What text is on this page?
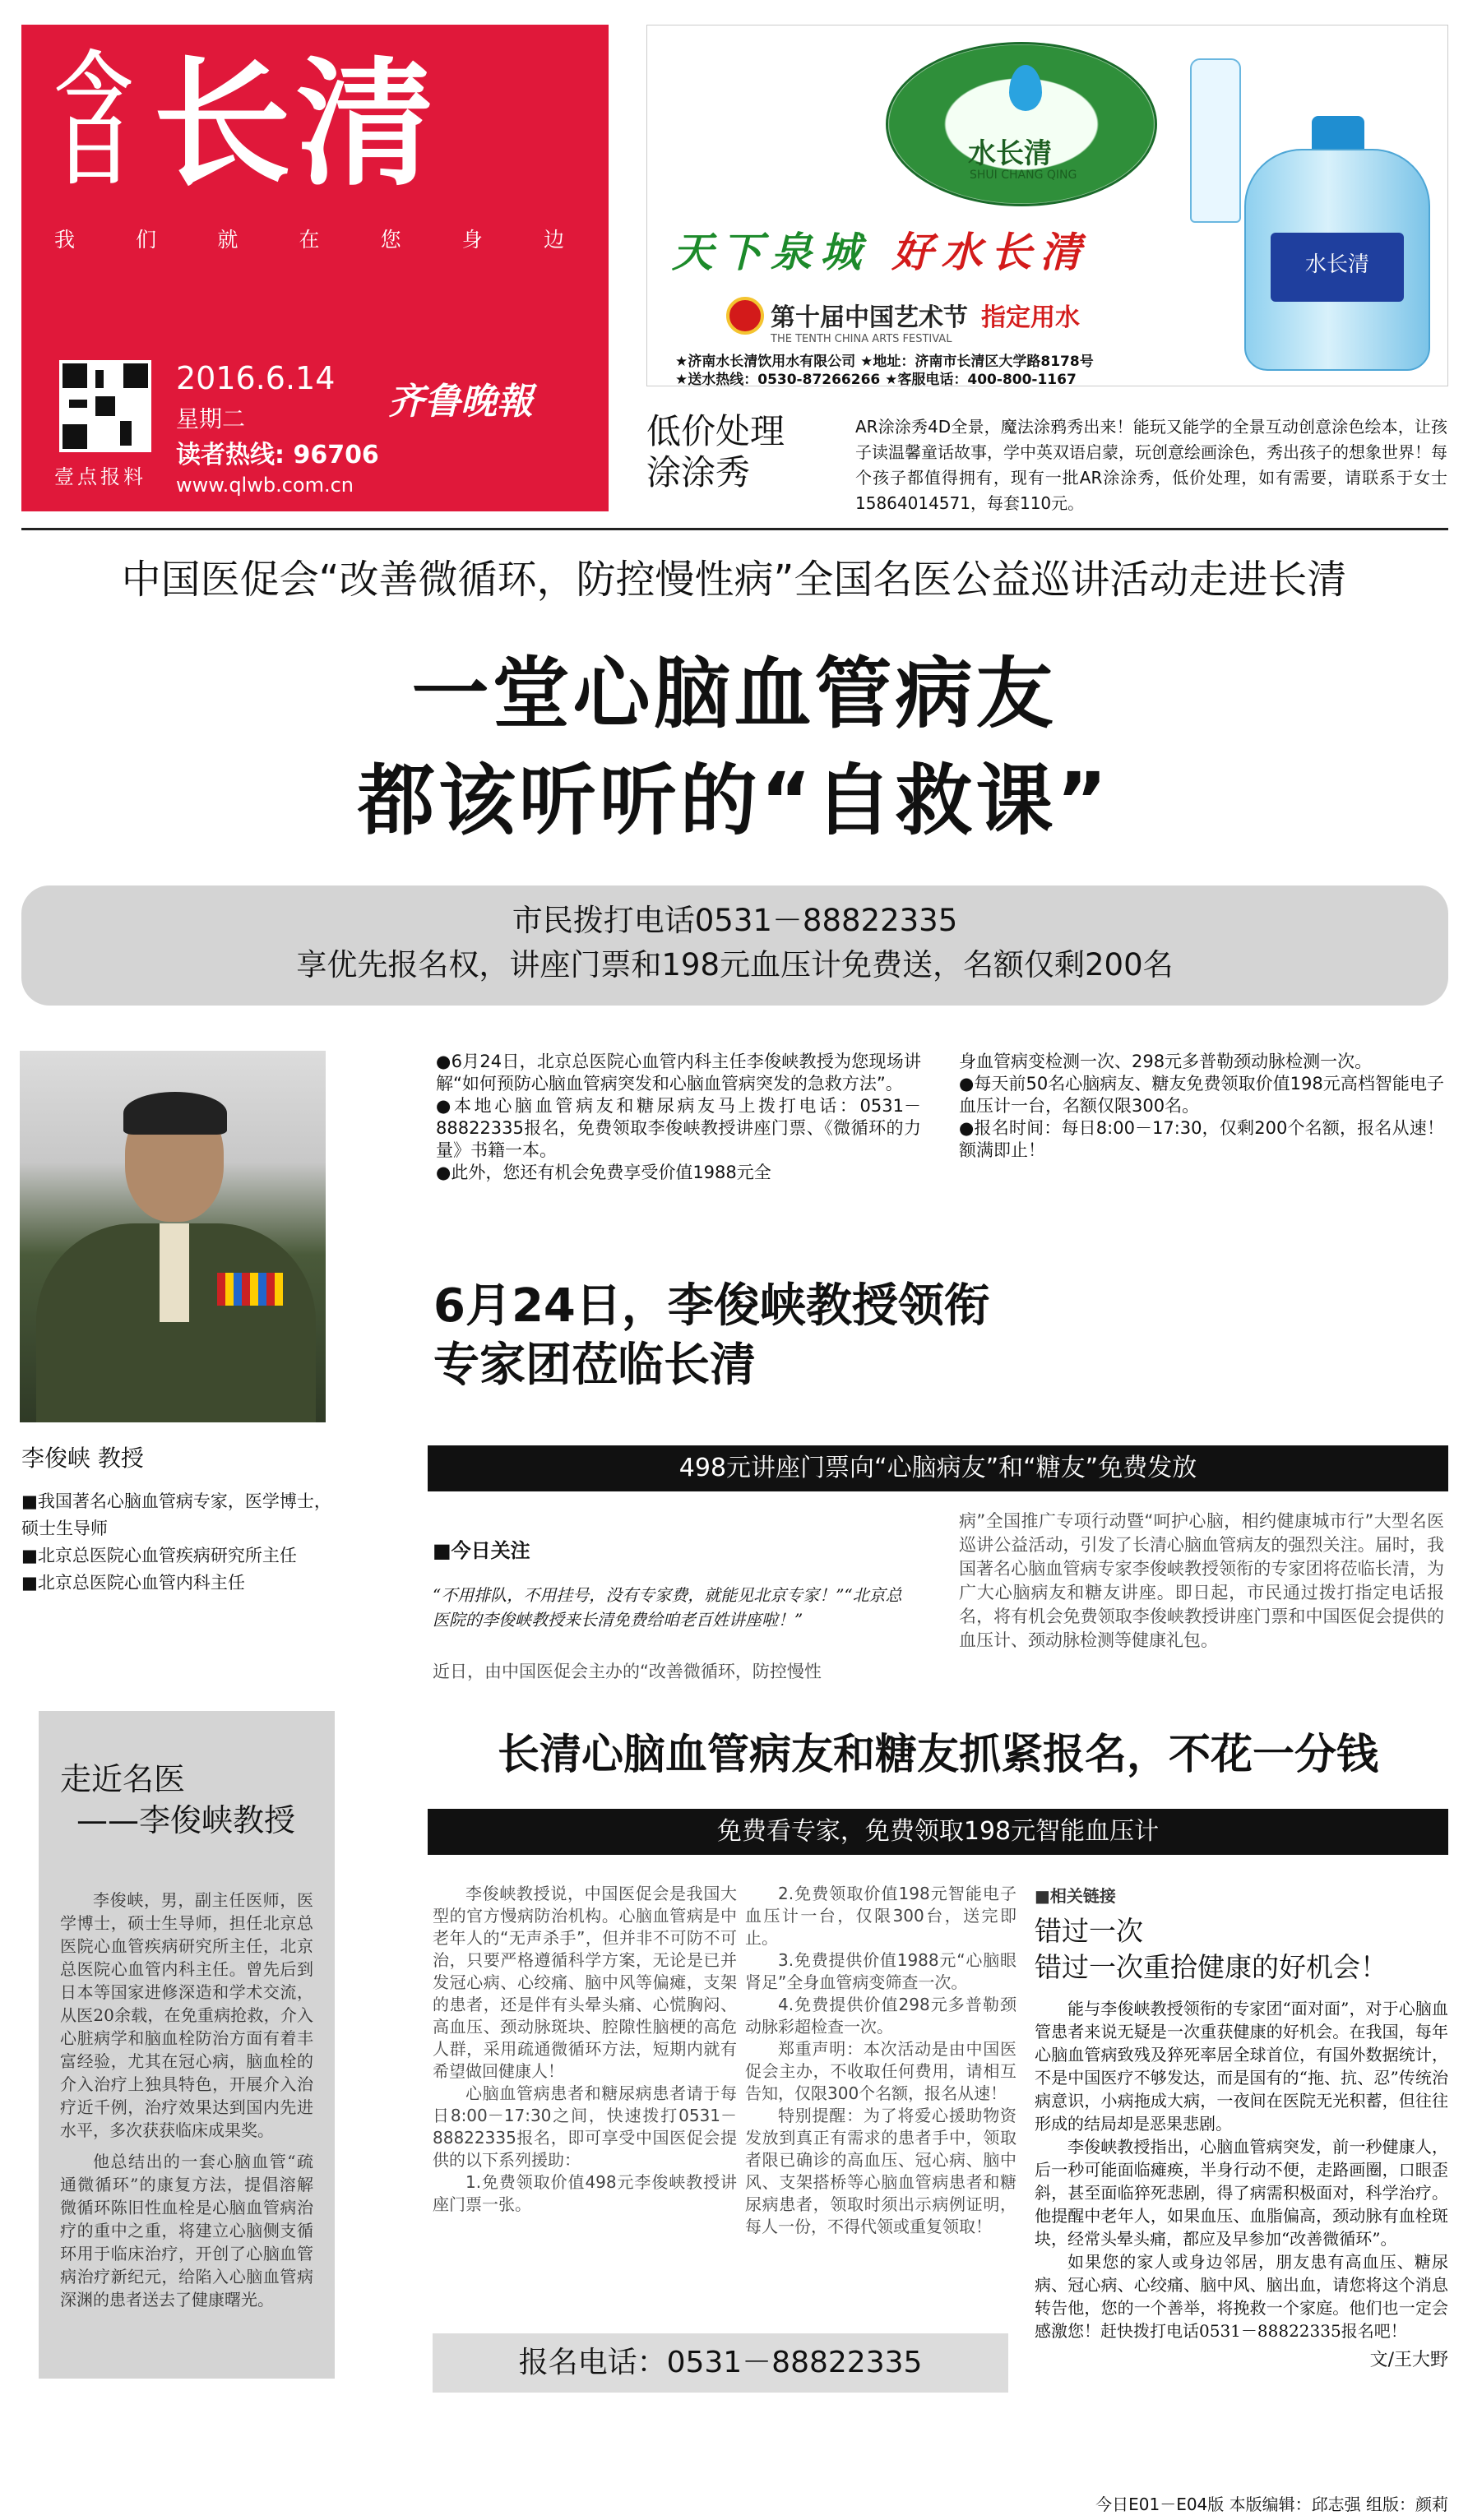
今日 长清
我	们	就	在	您	身	边
壹点报料
2016.6.14
星期二
读者热线: 96706
www.qlwb.com.cn
齐鲁晚報
水长清
SHUI CHANG QING
水长清
天下泉城 好水长清
第十届中国艺术节 指定用水
THE TENTH CHINA ARTS FESTIVAL
★济南水长清饮用水有限公司 ★地址：济南市长清区大学路8178号
★送水热线：0530-87266266 ★客服电话：400-800-1167
低价处理
涂涂秀
AR涂涂秀4D全景，魔法涂鸦秀出来！能玩又能学的全景互动创意涂色绘本，让孩子读温馨童话故事，学中英双语启蒙，玩创意绘画涂色，秀出孩子的想象世界！每个孩子都值得拥有，现有一批AR涂涂秀，低价处理，如有需要，请联系于女士15864014571，每套110元。
中国医促会“改善微循环，防控慢性病”全国名医公益巡讲活动走进长清
一堂心脑血管病友
都该听听的“自救课”
市民拨打电话0531－88822335
享优先报名权，讲座门票和198元血压计免费送，名额仅剩200名
李俊峡 教授
■我国著名心脑血管病专家，医学博士，硕士生导师
■北京总医院心血管疾病研究所主任
■北京总医院心血管内科主任
●6月24日，北京总医院心血管内科主任李俊峡教授为您现场讲解“如何预防心脑血管病突发和心脑血管病突发的急救方法”。
●本地心脑血管病友和糖尿病友马上拨打电话：0531－88822335报名，免费领取李俊峡教授讲座门票、《微循环的力量》书籍一本。
●此外，您还有机会免费享受价值1988元全
身血管病变检测一次、298元多普勒颈动脉检测一次。
●每天前50名心脑病友、糖友免费领取价值198元高档智能电子血压计一台，名额仅限300名。
●报名时间：每日8:00－17:30，仅剩200个名额，报名从速！额满即止！
6月24日，李俊峡教授领衔
专家团莅临长清
498元讲座门票向“心脑病友”和“糖友”免费发放
■今日关注
“不用排队，不用挂号，没有专家费，就能见北京专家！”“北京总医院的李俊峡教授来长清免费给咱老百姓讲座啦！”
近日，由中国医促会主办的“改善微循环，防控慢性
病”全国推广专项行动暨“呵护心脑，相约健康城市行”大型名医巡讲公益活动，引发了长清心脑血管病友的强烈关注。届时，我国著名心脑血管病专家李俊峡教授领衔的专家团将莅临长清，为广大心脑病友和糖友讲座。即日起，市民通过拨打指定电话报名，将有机会免费领取李俊峡教授讲座门票和中国医促会提供的血压计、颈动脉检测等健康礼包。
走近名医
——李俊峡教授
李俊峡，男，副主任医师，医学博士，硕士生导师，担任北京总医院心血管疾病研究所主任，北京总医院心血管内科主任。曾先后到日本等国家进修深造和学术交流，从医20余载，在免重病抢救，介入心脏病学和脑血栓防治方面有着丰富经验，尤其在冠心病，脑血栓的介入治疗上独具特色，开展介入治疗近千例，治疗效果达到国内先进水平，多次获获临床成果奖。
他总结出的一套心脑血管“疏通微循环”的康复方法，提倡溶解微循环陈旧性血栓是心脑血管病治疗的重中之重，将建立心脑侧支循环用于临床治疗，开创了心脑血管病治疗新纪元，给陷入心脑血管病深渊的患者送去了健康曙光。
长清心脑血管病友和糖友抓紧报名，不花一分钱
免费看专家，免费领取198元智能血压计
李俊峡教授说，中国医促会是我国大型的官方慢病防治机构。心脑血管病是中老年人的“无声杀手”，但并非不可防不可治，只要严格遵循科学方案，无论是已并发冠心病、心绞痛、脑中风等偏瘫，支架的患者，还是伴有头晕头痛、心慌胸闷、高血压、颈动脉斑块、腔隙性脑梗的高危人群，采用疏通微循环方法，短期内就有希望做回健康人！
心脑血管病患者和糖尿病患者请于每日8:00－17:30之间，快速拨打0531－88822335报名，即可享受中国医促会提供的以下系列援助：
1.免费领取价值498元李俊峡教授讲座门票一张。
2.免费领取价值198元智能电子血压计一台，仅限300台，送完即止。
3.免费提供价值1988元“心脑眼肾足”全身血管病变筛查一次。
4.免费提供价值298元多普勒颈动脉彩超检查一次。
郑重声明：本次活动是由中国医促会主办，不收取任何费用，请相互告知，仅限300个名额，报名从速！
特别提醒：为了将爱心援助物资发放到真正有需求的患者手中，领取者限已确诊的高血压、冠心病、脑中风、支架搭桥等心脑血管病患者和糖尿病患者，领取时须出示病例证明，每人一份，不得代领或重复领取！
■相关链接
错过一次
错过一次重拾健康的好机会！
能与李俊峡教授领衔的专家团“面对面”，对于心脑血管患者来说无疑是一次重获健康的好机会。在我国，每年心脑血管病致残及猝死率居全球首位，有国外数据统计，不是中国医疗不够发达，而是国有的“拖、抗、忍”传统治病意识，小病拖成大病，一夜间在医院无光积蓄，但往往形成的结局却是恶果悲剧。
李俊峡教授指出，心脑血管病突发，前一秒健康人，后一秒可能面临瘫痪，半身行动不便，走路画圈，口眼歪斜，甚至面临猝死悲剧，得了病需积极面对，科学治疗。他提醒中老年人，如果血压、血脂偏高，颈动脉有血栓斑块，经常头晕头痛，都应及早参加“改善微循环”。
如果您的家人或身边邻居，朋友患有高血压、糖尿病、冠心病、心绞痛、脑中风、脑出血，请您将这个消息转告他，您的一个善举，将挽救一个家庭。他们也一定会感激您！赶快拨打电话0531－88822335报名吧！
文/王大野
报名电话：0531－88822335
今日E01－E04版 本版编辑：邱志强 组版：颜莉
